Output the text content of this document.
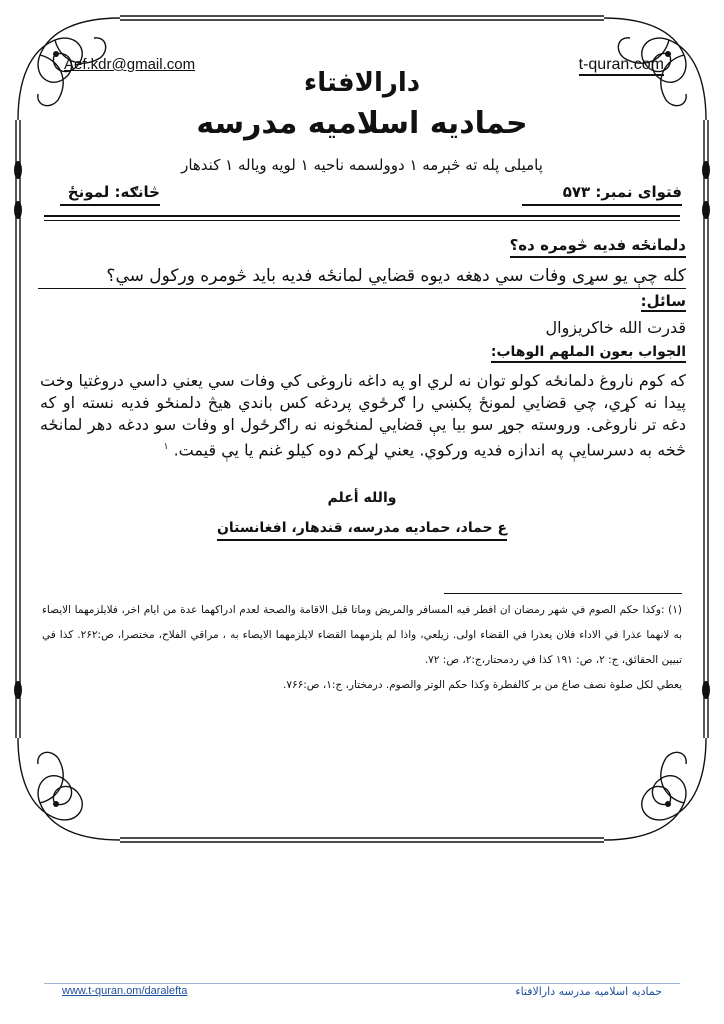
Aef.kdr@gmail.com	t-quran.com
دارالافتاء
حمادیه اسلامیه مدرسه
پامیلی پله ته څېرمه ١ دوولسمه ناحیه ١ لویه ویاله ١ کندهار
فتوای نمبر: ۵۷۳
څانګه: لمونځ
دلمانځه فدیه څومره ده؟
کله چې یو سړی وفات سي دهغه دیوه قضایي لمانځه فدیه باید څومره ورکول سي؟
سائل:
قدرت الله خاکریزوال
الجواب بعون الملهم الوهاب:
که کوم ناروغ دلمانځه کولو توان نه لري او په داغه ناروغی کي وفات سي یعني داسي دروغتیا وخت پیدا نه کړي، چي قضایي لمونځ پکښي را ګرځوي پردغه کس باندي هیڅ دلمنځو فدیه نسته او که دغه تر ناروغی. وروسته جوړ سو بیا یې قضایي لمنځونه نه راګرځول او وفات سو ددغه دهر لمانځه څخه به دسرسایې په اندازه فدیه ورکوي. یعني لړکم دوه کیلو غنم یا یې قیمت. $^١$
والله أعلم
ع حماد، حمادیه مدرسه، قندهار، افغانستان

(١) :وكذا حكم الصوم في شهر رمضان ان افطر فيه المسافر والمريض وماتا قبل الاقامة والصحة لعدم ادراكهما عدة من ايام اخر، فلايلزمهما الايصاء به لانهما عذرا في الاداء فلان يعذرا في القضاء اولى. زيلعي، واذا لم يلزمهما القضاء لايلزمهما الايصاء به ، مراقي الفلاح، مختصرا، ص:٢۶٢. كذا في تبيين الحقائق، ج: ٢، ص: ١٩١ كذا في ردمحتار،ج:٢، ص: ٧٢.

يعطي لكل صلوة نصف صاع من بر كالفطرة وكذا حكم الوتر والصوم. درمختار، ج:١، ص:٧۶۶.

www.t-quran.om/daralefta	حمادیه اسلامیه مدرسه دارالافتاء
